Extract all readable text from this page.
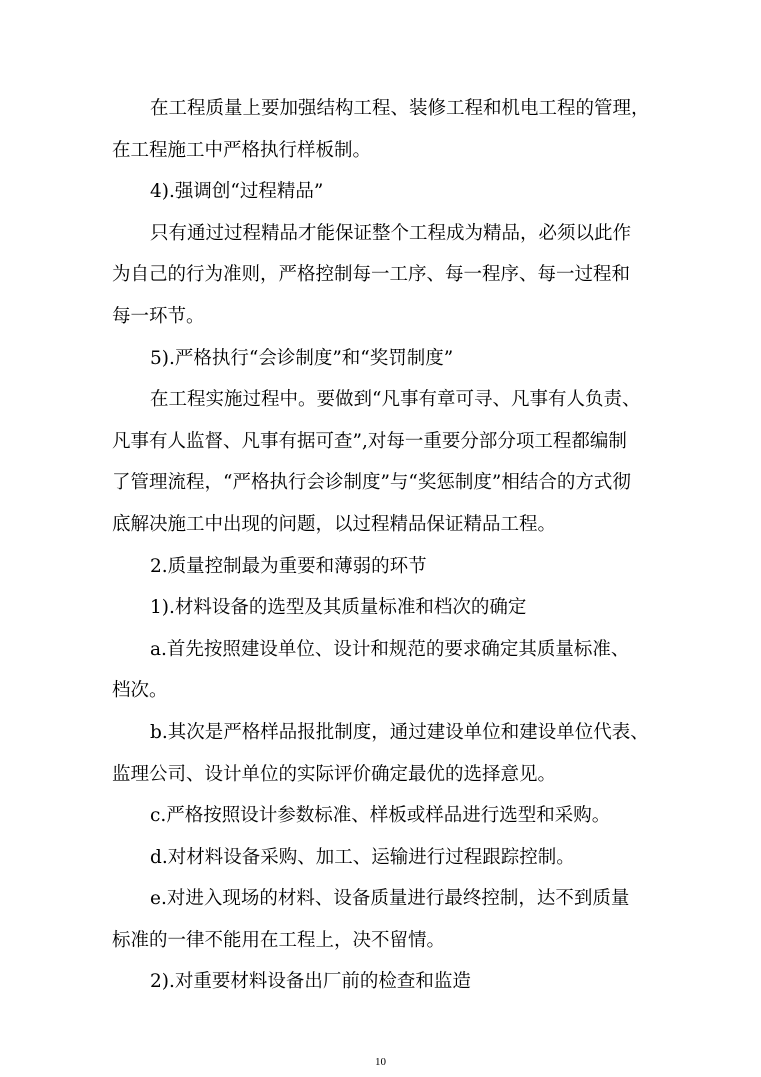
在工程质量上要加强结构工程、装修工程和机电工程的管理，
在工程施工中严格执行样板制。
4).强调创“过程精品”
只有通过过程精品才能保证整个工程成为精品，必须以此作
为自己的行为准则，严格控制每一工序、每一程序、每一过程和
每一环节。
5).严格执行“会诊制度”和“奖罚制度”
在工程实施过程中。要做到“凡事有章可寻、凡事有人负责、
凡事有人监督、凡事有据可查”,对每一重要分部分项工程都编制
了管理流程，“严格执行会诊制度”与“奖惩制度”相结合的方式彻
底解决施工中出现的问题，以过程精品保证精品工程。
2.质量控制最为重要和薄弱的环节
1).材料设备的选型及其质量标准和档次的确定
a.首先按照建设单位、设计和规范的要求确定其质量标准、
档次。
b.其次是严格样品报批制度，通过建设单位和建设单位代表、
监理公司、设计单位的实际评价确定最优的选择意见。
c.严格按照设计参数标准、样板或样品进行选型和采购。
d.对材料设备采购、加工、运输进行过程跟踪控制。
e.对进入现场的材料、设备质量进行最终控制，达不到质量
标准的一律不能用在工程上，决不留情。
2).对重要材料设备出厂前的检查和监造
10
